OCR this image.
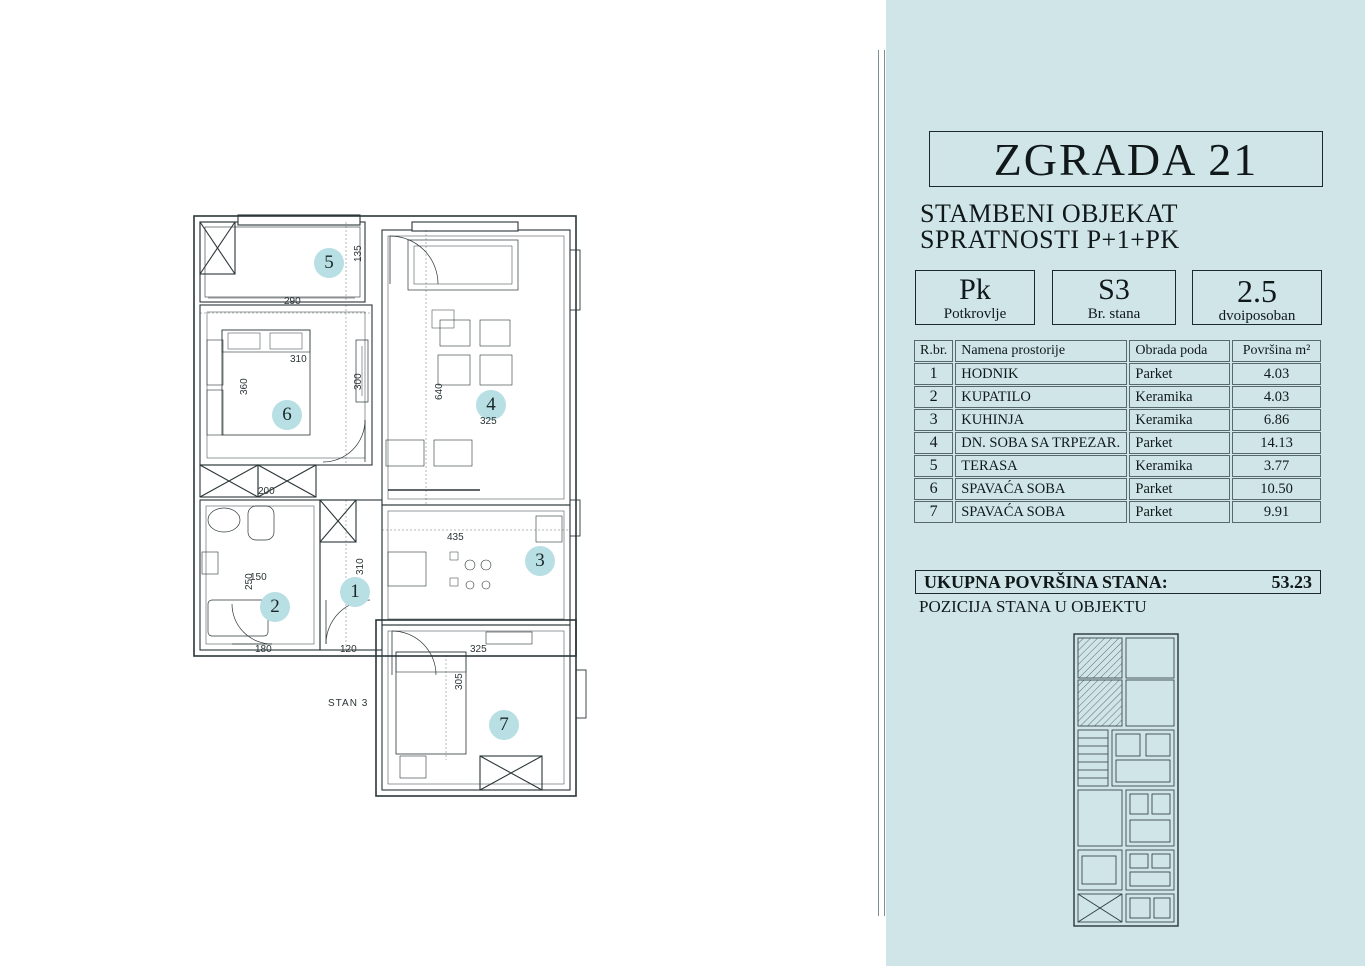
5
6	4
1
2
3
7
290
135
310
300
360
200
325
640
435
150
250
310
180	120	325
305
STAN 3
ZGRADA 21
STAMBENI OBJEKAT
SPRATNOSTI P+1+PK
Pk
Potkrovlje
S3
Br. stana
2.5
dvoiposoban
R.br.	Namena prostorije	Obrada poda	Površina m²
1	HODNIK	Parket	4.03
2	KUPATILO	Keramika	4.03
3	KUHINJA	Keramika	6.86
4	DN. SOBA SA TRPEZAR.	Parket	14.13
5	TERASA	Keramika	3.77
6	SPAVAĆA SOBA	Parket	10.50
7	SPAVAĆA SOBA	Parket	9.91
UKUPNA POVRŠINA STANA:	53.23
POZICIJA STANA U OBJEKTU
